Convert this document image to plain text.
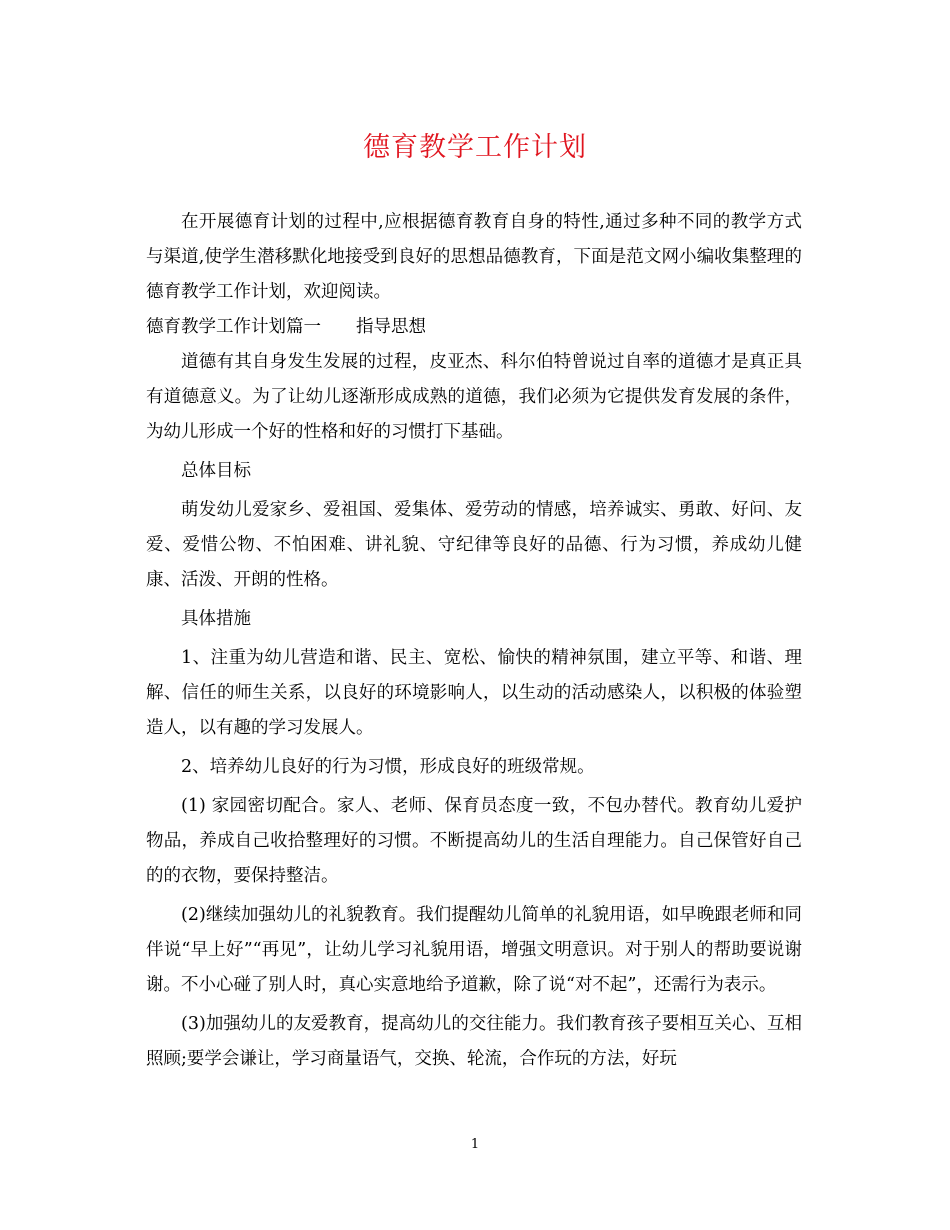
德育教学工作计划

在开展德育计划的过程中,应根据德育教育自身的特性,通过多种不同的教学方式与渠道,使学生潜移默化地接受到良好的思想品德教育，下面是范文网小编收集整理的德育教学工作计划，欢迎阅读。

德育教学工作计划篇一　　指导思想

道德有其自身发生发展的过程，皮亚杰、科尔伯特曾说过自率的道德才是真正具有道德意义。为了让幼儿逐渐形成成熟的道德，我们必须为它提供发育发展的条件，为幼儿形成一个好的性格和好的习惯打下基础。

总体目标

萌发幼儿爱家乡、爱祖国、爱集体、爱劳动的情感，培养诚实、勇敢、好问、友爱、爱惜公物、不怕困难、讲礼貌、守纪律等良好的品德、行为习惯，养成幼儿健康、活泼、开朗的性格。

具体措施

1、注重为幼儿营造和谐、民主、宽松、愉快的精神氛围，建立平等、和谐、理解、信任的师生关系，以良好的环境影响人，以生动的活动感染人，以积极的体验塑造人，以有趣的学习发展人。

2、培养幼儿良好的行为习惯，形成良好的班级常规。

(1) 家园密切配合。家人、老师、保育员态度一致，不包办替代。教育幼儿爱护物品，养成自己收拾整理好的习惯。不断提高幼儿的生活自理能力。自己保管好自己的的衣物，要保持整洁。

(2)继续加强幼儿的礼貌教育。我们提醒幼儿简单的礼貌用语，如早晚跟老师和同伴说“早上好”“再见”，让幼儿学习礼貌用语，增强文明意识。对于别人的帮助要说谢谢。不小心碰了别人时，真心实意地给予道歉，除了说“对不起”，还需行为表示。

(3)加强幼儿的友爱教育，提高幼儿的交往能力。我们教育孩子要相互关心、互相照顾;要学会谦让，学习商量语气，交换、轮流，合作玩的方法，好玩

1
